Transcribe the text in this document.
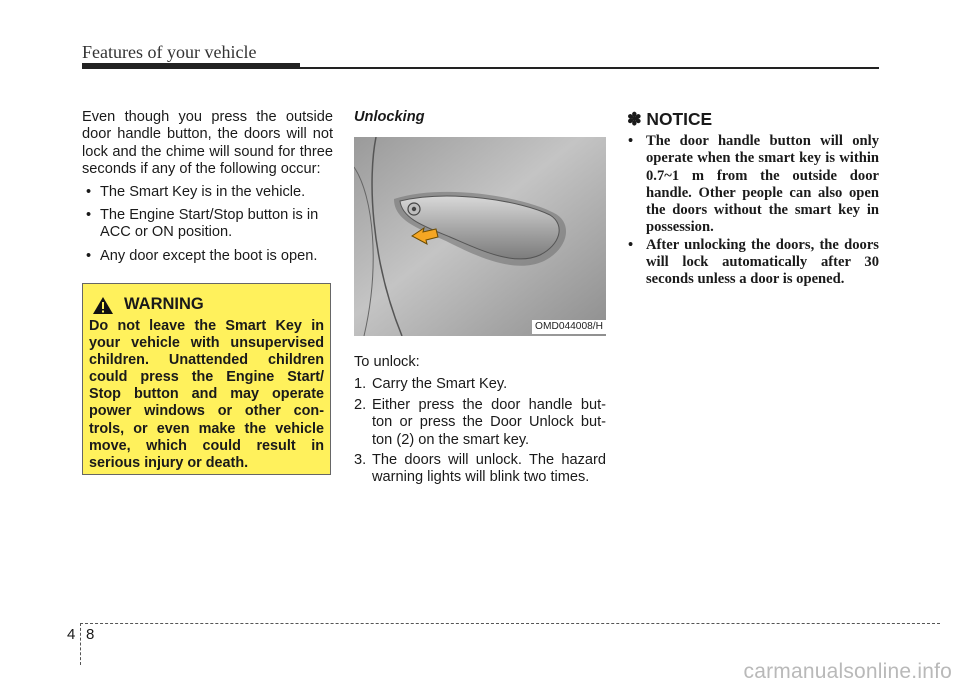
Features of your vehicle

Even though you press the outside door handle button, the doors will not lock and the chime will sound for three seconds if any of the following occur:

• The Smart Key is in the vehicle.
• The Engine Start/Stop button is in ACC or ON position.
• Any door except the boot is open.
WARNING
Do not leave the Smart Key in your vehicle with unsupervised children. Unattended children could press the Engine Start/ Stop button and may operate power windows or other con- trols, or even make the vehicle move, which could result in serious injury or death.
Unlocking
OMD044008/H

To unlock:

1. Carry the Smart Key.
2. Either press the door handle but- ton or press the Door Unlock but- ton (2) on the smart key.
3. The doors will unlock. The hazard warning lights will blink two times.
✽ NOTICE
• The door handle button will only operate when the smart key is within 0.7~1 m from the outside door handle. Other people can also open the doors without the smart key in possession.
• After unlocking the doors, the doors will lock automatically after 30 seconds unless a door is opened.
4 8
carmanualsonline.info
